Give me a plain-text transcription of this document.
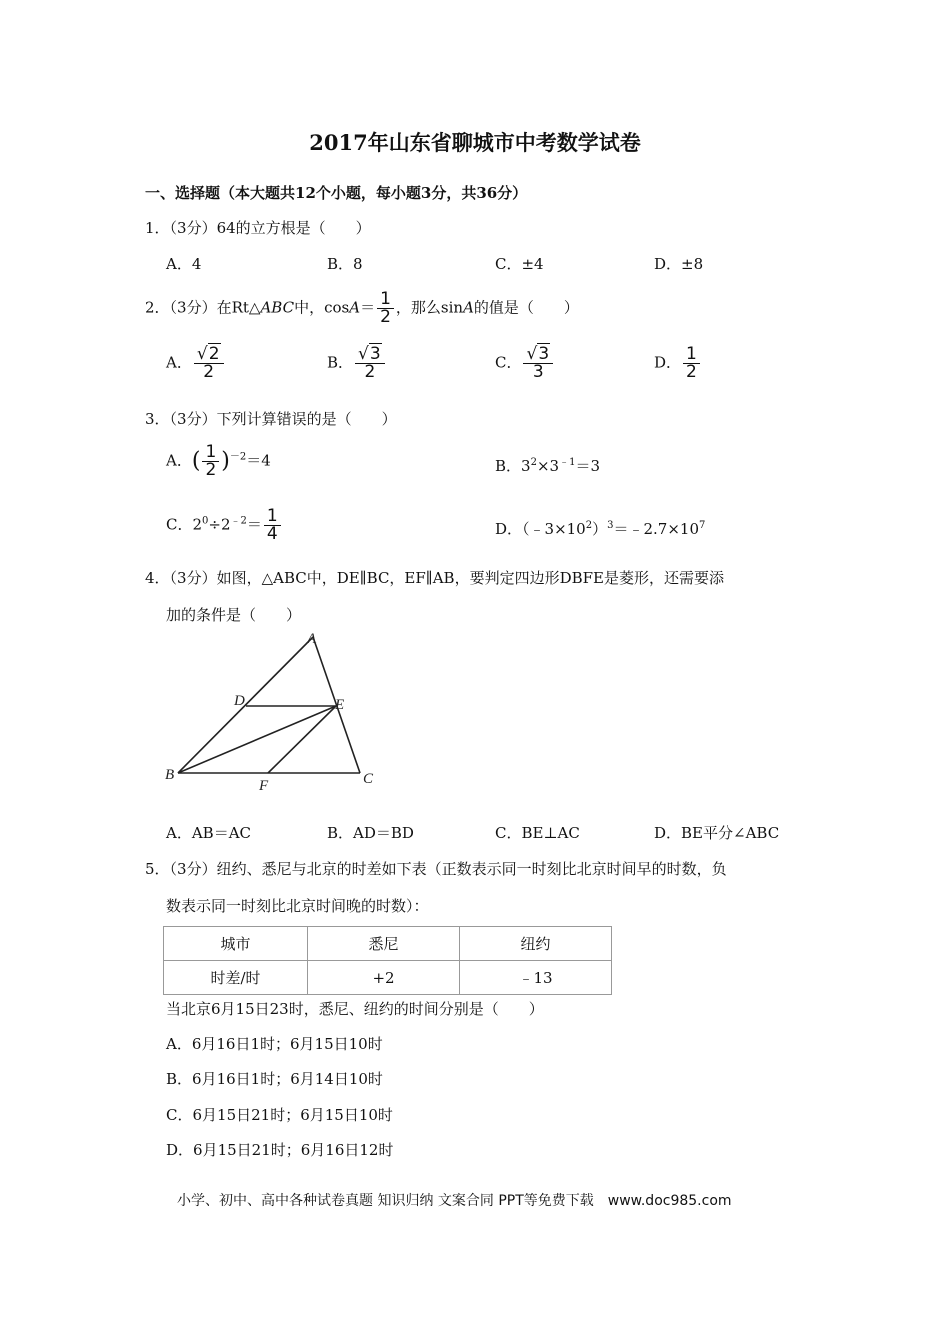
2017年山东省聊城市中考数学试卷
一、选择题（本大题共12个小题，每小题3分，共36分）
1．（3分）64的立方根是（　　）
A．4	B．8	C．±4	D．±8
2．（3分）在Rt△ABC中，$\cos A= \frac{1}{2}$ ，那么sinA的值是（　　）
A． $\frac{√2}{2}$	B． $\frac{√3}{2}$	C． $\frac{√3}{3}$	D． $\frac{1}{2}$
3．（3分）下列计算错误的是（　　）
A．( $\frac{1}{2} )^{-2}=4$	B．$3^2\times 3^{﹣1}=3$
C．$2^0\div 2^{﹣2}= \frac{1}{4}$	D．$(﹣3\times 10^2)^3=﹣2.7\times 10^7$
4．（3分）如图，△ABC中，DE∥BC，EF∥AB，要判定四边形DBFE是菱形，还需要添
加的条件是（　　）
A
D	E
B
F	C
A．AB＝AC	B．AD＝BD	C．BE⊥AC	D．BE平分∠ABC
5．（3分）纽约、悉尼与北京的时差如下表（正数表示同一时刻比北京时间早的时数，负
数表示同一时刻比北京时间晚的时数）：
城市	悉尼	纽约
时差/时	+2	﹣13
当北京6月15日23时，悉尼、纽约的时间分别是（　　）
A．6月16日1时；6月15日10时
B．6月16日1时；6月14日10时
C．6月15日21时；6月15日10时
D．6月15日21时；6月16日12时
小学、初中、高中各种试卷真题 知识归纳 文案合同 PPT等免费下载　www.doc985.com
